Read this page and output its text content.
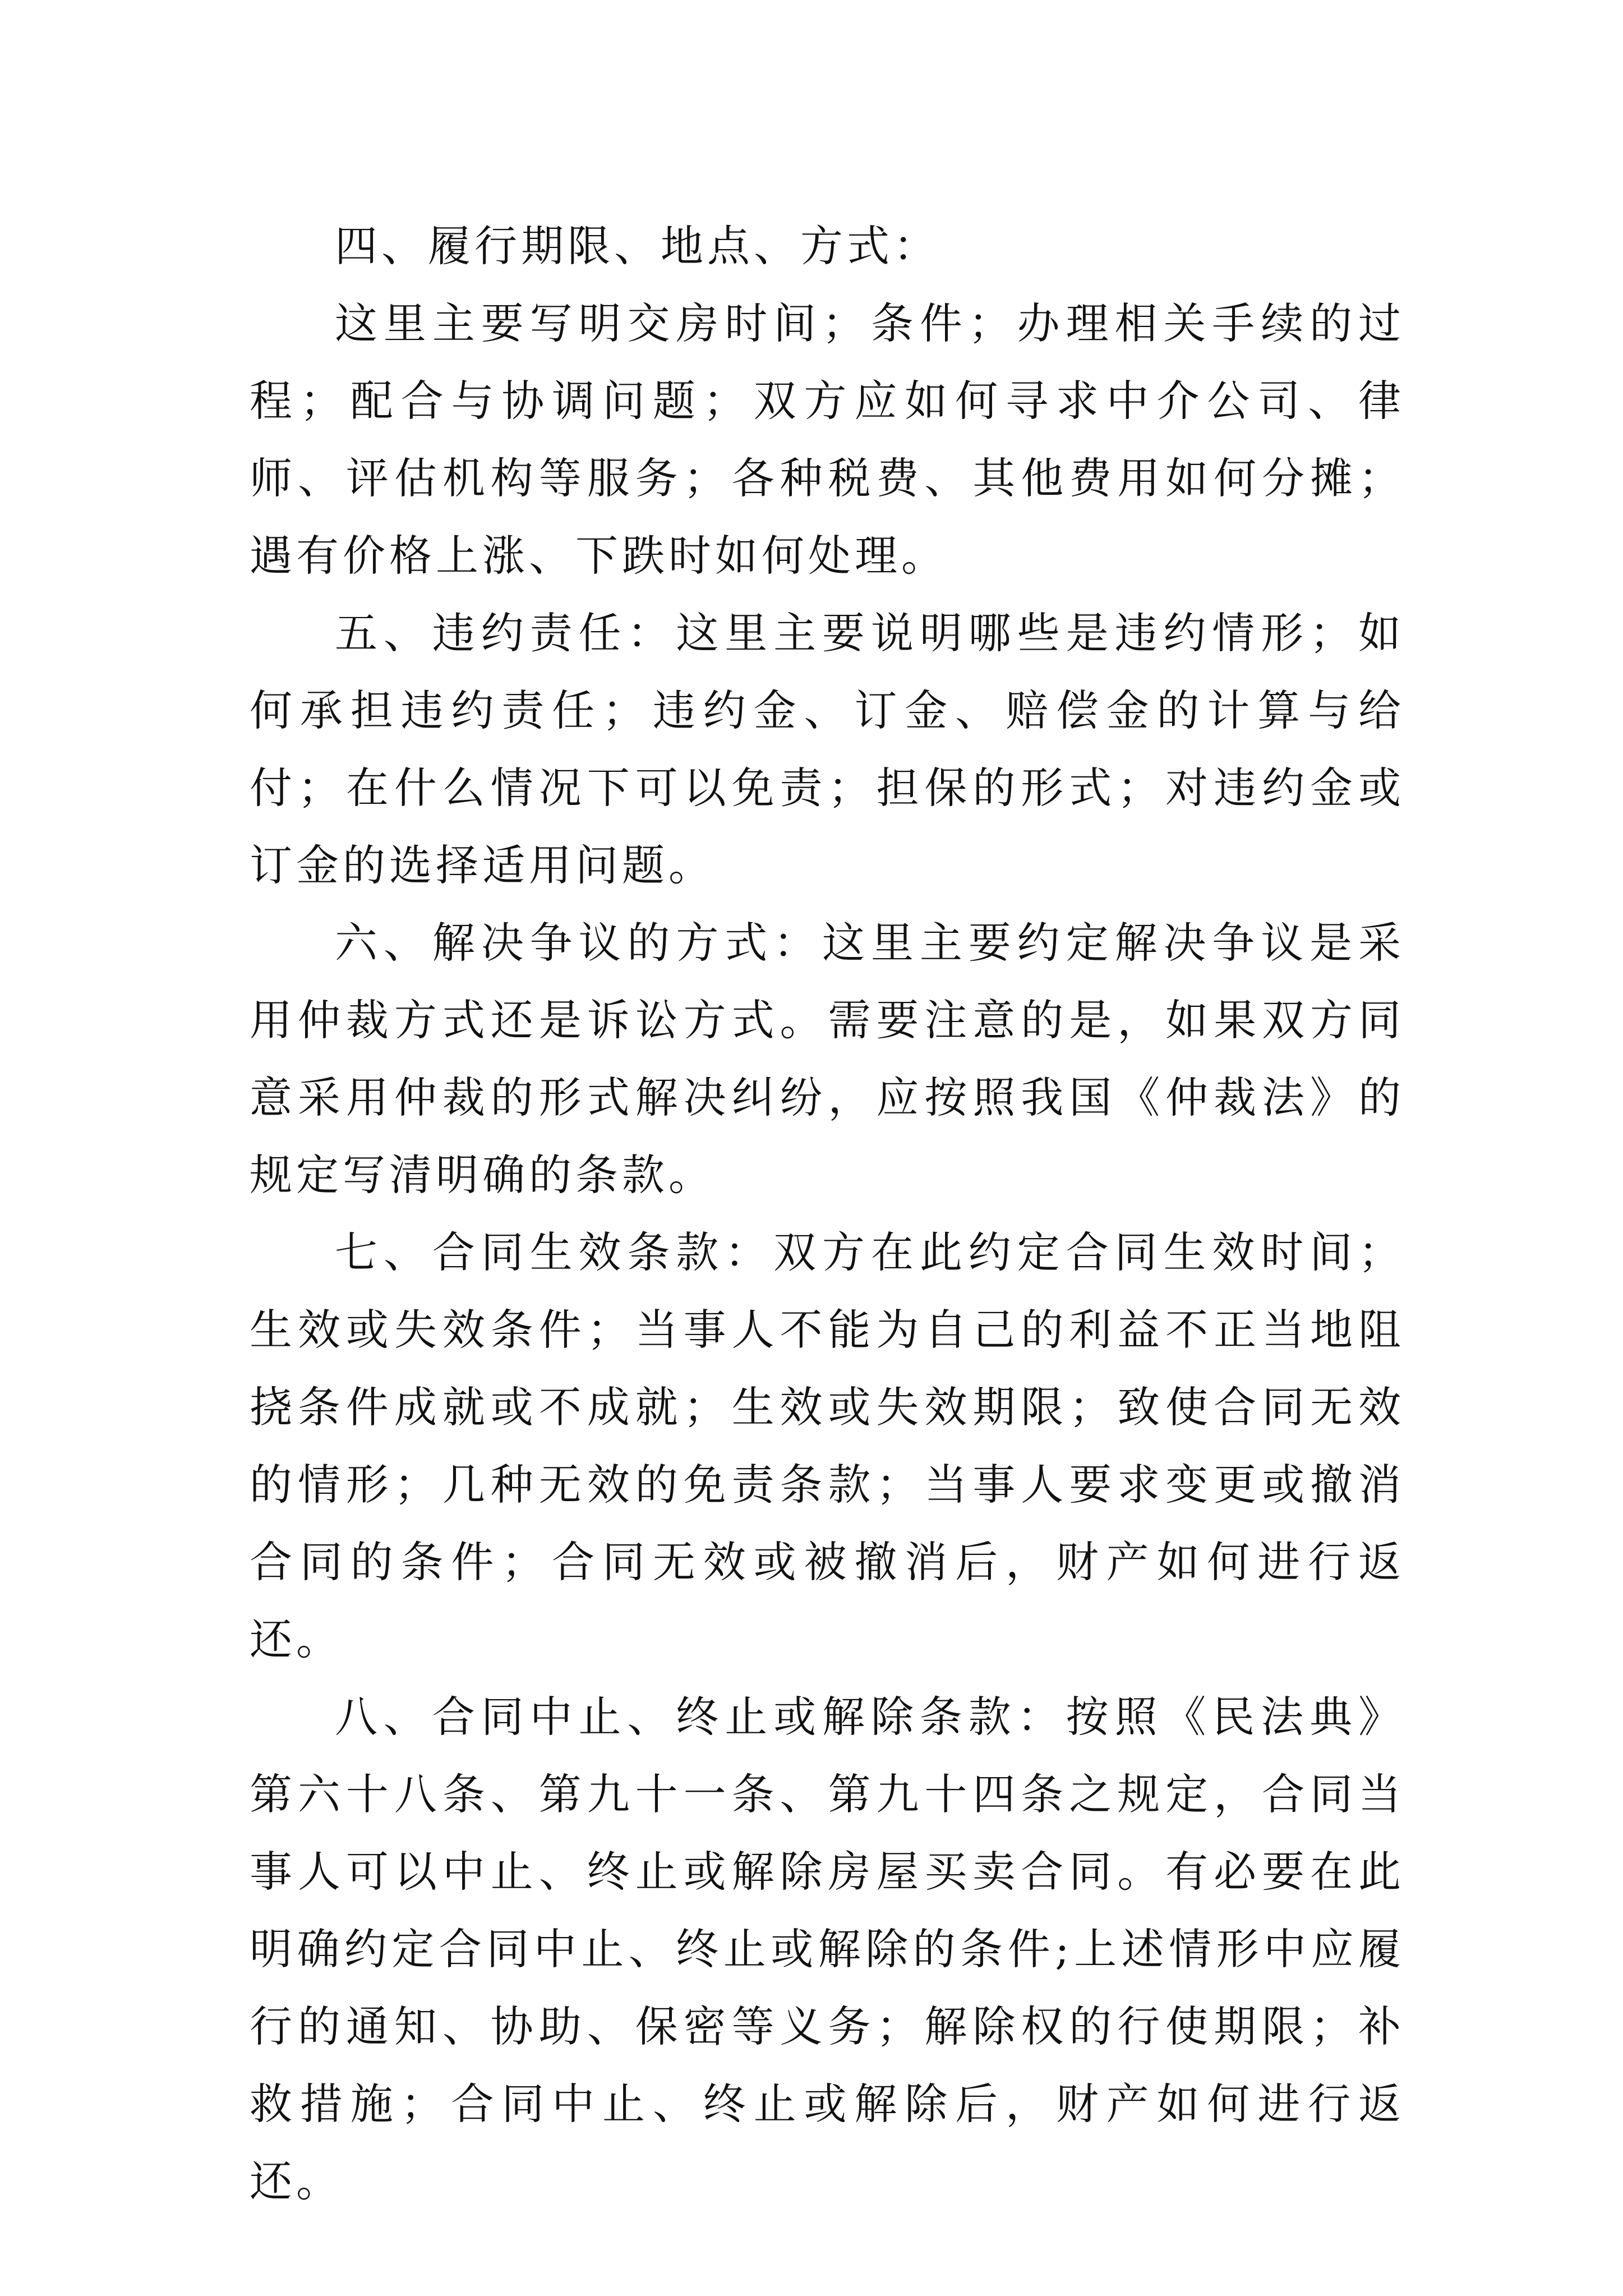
四、履行期限、地点、方式：

这里主要写明交房时间；条件；办理相关手续的过程；配合与协调问题；双方应如何寻求中介公司、律师、评估机构等服务；各种税费、其他费用如何分摊；遇有价格上涨、下跌时如何处理。

五、违约责任：这里主要说明哪些是违约情形；如何承担违约责任；违约金、订金、赔偿金的计算与给付；在什么情况下可以免责；担保的形式；对违约金或订金的选择适用问题。

六、解决争议的方式：这里主要约定解决争议是采用仲裁方式还是诉讼方式。需要注意的是，如果双方同意采用仲裁的形式解决纠纷，应按照我国《仲裁法》的规定写清明确的条款。

七、合同生效条款：双方在此约定合同生效时间；生效或失效条件；当事人不能为自己的利益不正当地阻挠条件成就或不成就；生效或失效期限；致使合同无效的情形；几种无效的免责条款；当事人要求变更或撤消合同的条件；合同无效或被撤消后，财产如何进行返还。

八、合同中止、终止或解除条款：按照《民法典》第六十八条、第九十一条、第九十四条之规定，合同当事人可以中止、终止或解除房屋买卖合同。有必要在此明确约定合同中止、终止或解除的条件;上述情形中应履行的通知、协助、保密等义务；解除权的行使期限；补救措施；合同中止、终止或解除后，财产如何进行返还。
